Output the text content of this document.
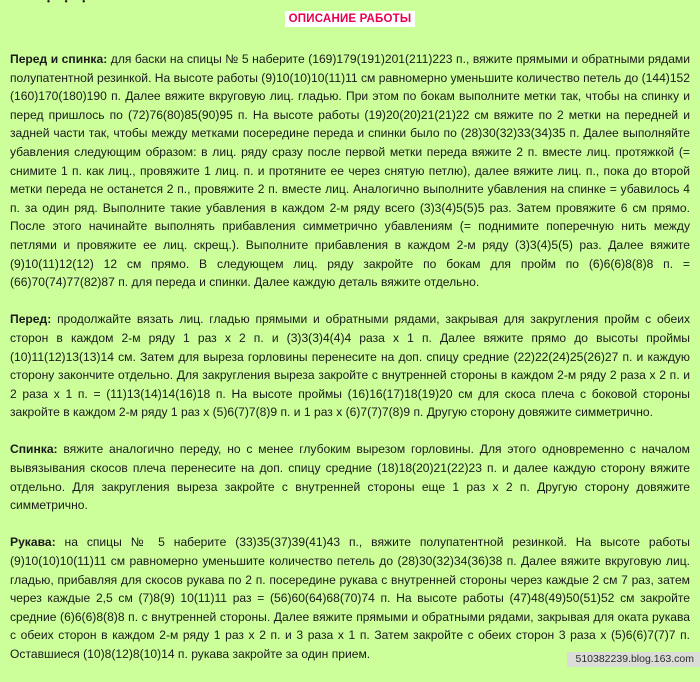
・ ・ ・
ОПИСАНИЕ РАБОТЫ

Перед и спинка: для баски на спицы № 5 наберите (169)179(191)201(211)223 п., вяжите прямыми и обратными рядами полупатентной резинкой. На высоте работы (9)10(10)10(11)11 см равномерно уменьшите количество петель до (144)152 (160)170(180)190 п. Далее вяжите вкруговую лиц. гладью. При этом по бокам выполните метки так, чтобы на спинку и перед пришлось по (72)76(80)85(90)95 п. На высоте работы (19)20(20)21(21)22 см вяжите по 2 метки на передней и задней части так, чтобы между метками посередине переда и спинки было по (28)30(32)33(34)35 п. Далее выполняйте убавления следующим образом: в лиц. ряду сразу после первой метки переда вяжите 2 п. вместе лиц. протяжкой (= снимите 1 п. как лиц., провяжите 1 лиц. п. и протяните ее через снятую петлю), далее вяжите лиц. п., пока до второй метки переда не останется 2 п., провяжите 2 п. вместе лиц. Аналогично выполните убавления на спинке = убавилось 4 п. за один ряд. Выполните такие убавления в каждом 2-м ряду всего (3)3(4)5(5)5 раз. Затем провяжите 6 см прямо. После этого начинайте выполнять прибавления симметрично убавлениям (= поднимите поперечную нить между петлями и провяжите ее лиц. скрещ.). Выполните прибавления в каждом 2-м ряду (3)3(4)5(5) раз. Далее вяжите (9)10(11)12(12) 12 см прямо. В следующем лиц. ряду закройте по бокам для пройм по (6)6(6)8(8)8 п. = (66)70(74)77(82)87 п. для переда и спинки. Далее каждую деталь вяжите отдельно.

Перед: продолжайте вязать лиц. гладью прямыми и обратными рядами, закрывая для закругления пройм с обеих сторон в каждом 2-м ряду 1 раз x 2 п. и (3)3(3)4(4)4 раза x 1 п. Далее вяжите прямо до высоты проймы (10)11(12)13(13)14 см. Затем для выреза горловины перенесите на доп. спицу средние (22)22(24)25(26)27 п. и каждую сторону закончите отдельно. Для закругления выреза закройте с внутренней стороны в каждом 2-м ряду 2 раза x 2 п. и 2 раза x 1 п. = (11)13(14)14(16)18 п. На высоте проймы (16)16(17)18(19)20 см для скоса плеча с боковой стороны закройте в каждом 2-м ряду 1 раз x (5)6(7)7(8)9 п. и 1 раз x (6)7(7)7(8)9 п. Другую сторону довяжите симметрично.

Спинка: вяжите аналогично переду, но с менее глубоким вырезом горловины. Для этого одновременно с началом вывязывания скосов плеча перенесите на доп. спицу средние (18)18(20)21(22)23 п. и далее каждую сторону вяжите отдельно. Для закругления выреза закройте с внутренней стороны еще 1 раз x 2 п. Другую сторону довяжите симметрично.

Рукава: на спицы № 5 наберите (33)35(37)39(41)43 п., вяжите полупатентной резинкой. На высоте работы (9)10(10)10(11)11 см равномерно уменьшите количество петель до (28)30(32)34(36)38 п. Далее вяжите вкруговую лиц. гладью, прибавляя для скосов рукава по 2 п. посередине рукава с внутренней стороны через каждые 2 см 7 раз, затем через каждые 2,5 см (7)8(9) 10(11)11 раз = (56)60(64)68(70)74 п. На высоте работы (47)48(49)50(51)52 см закройте средние (6)6(6)8(8)8 п. с внутренней стороны. Далее вяжите прямыми и обратными рядами, закрывая для оката рукава с обеих сторон в каждом 2-м ряду 1 раз x 2 п. и 3 раза x 1 п. Затем закройте с обеих сторон 3 раза x (5)6(6)7(7)7 п. Оставшиеся (10)8(12)8(10)14 п. рукава закройте за один прием.	510382239.blog.163.com
